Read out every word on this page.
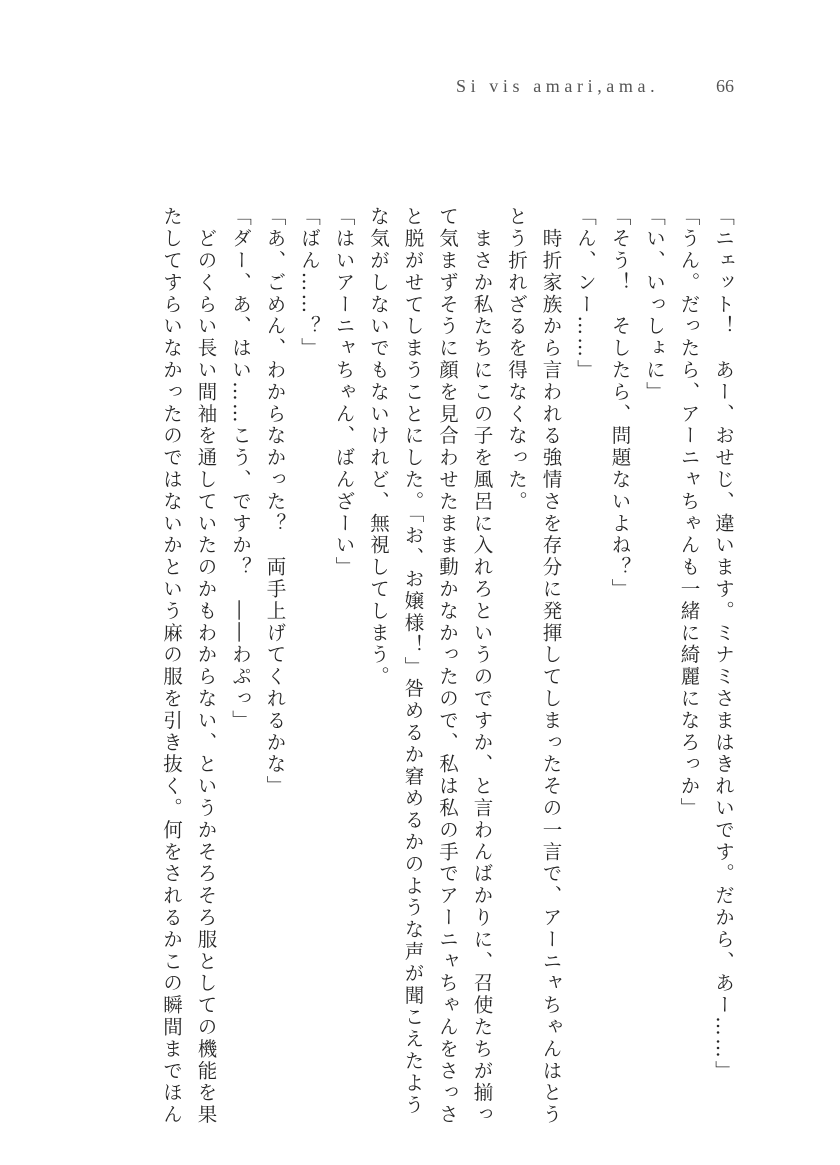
Si vis amari,ama.	66
「ニェット！　あー、おせじ、違います。ミナミさまはきれいです。だから、あー……」
「うん。だったら、アーニャちゃんも一緒に綺麗になろっか」
「い、いっしょに」
「そう！　そしたら、問題ないよね？」
「ん、ンー……」
　時折家族から言われる強情さを存分に発揮してしまったその一言で、アーニャちゃんはとう
とう折れざるを得なくなった。
　まさか私たちにこの子を風呂に入れろというのですか、と言わんばかりに、召使たちが揃っ
て気まずそうに顔を見合わせたまま動かなかったので、私は私の手でアーニャちゃんをさっさ
と脱がせてしまうことにした。「お、お嬢様！」咎めるか窘めるかのような声が聞こえたよう
な気がしないでもないけれど、無視してしまう。
「はいアーニャちゃん、ばんざーい」
「ばん……？」
「あ、ごめん、わからなかった？　両手上げてくれるかな」
「ダー、あ、はい……こう、ですか？　――わぷっ」
　どのくらい長い間袖を通していたのかもわからない、というかそろそろ服としての機能を果
たしてすらいなかったのではないかという麻の服を引き抜く。何をされるかこの瞬間までほん
